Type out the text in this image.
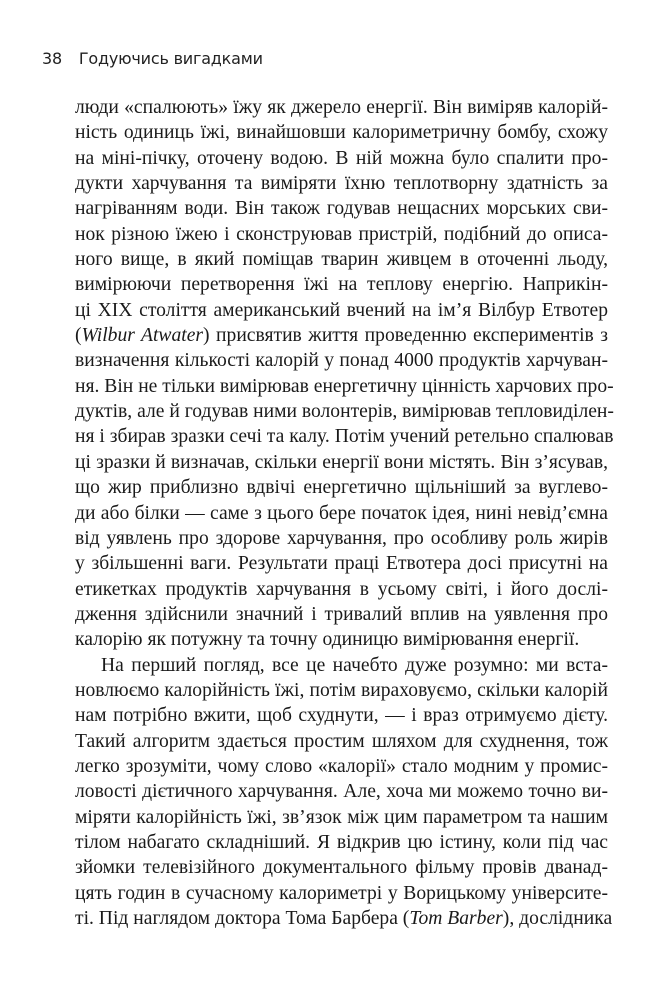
38 Годуючись вигадками
люди «спалюють» їжу як джерело енергії. Він виміряв калорій-
ність одиниць їжі, винайшовши калориметричну бомбу, схожу
на міні-пічку, оточену водою. В ній можна було спалити про-
дукти харчування та виміряти їхню теплотворну здатність за
нагріванням води. Він також годував нещасних морських сви-
нок різною їжею і сконструював пристрій, подібний до описа-
ного вище, в який поміщав тварин живцем в оточенні льоду,
вимірюючи перетворення їжі на теплову енергію. Наприкін-
ці XIX століття американський вчений на ім’я Вілбур Етвотер
(Wilbur Atwater) присвятив життя проведенню експериментів з
визначення кількості калорій у понад 4000 продуктів харчуван-
ня. Він не тільки вимірював енергетичну цінність харчових про-
дуктів, але й годував ними волонтерів, вимірював тепловиділен-
ня і збирав зразки сечі та калу. Потім учений ретельно спалював
ці зразки й визначав, скільки енергії вони містять. Він з’ясував,
що жир приблизно вдвічі енергетично щільніший за вуглево-
ди або білки — саме з цього бере початок ідея, нині невід’ємна
від уявлень про здорове харчування, про особливу роль жирів
у збільшенні ваги. Результати праці Етвотера досі присутні на
етикетках продуктів харчування в усьому світі, і його дослі-
дження здійснили значний і тривалий вплив на уявлення про
калорію як потужну та точну одиницю вимірювання енергії.
На перший погляд, все це начебто дуже розумно: ми вста-
новлюємо калорійність їжі, потім вираховуємо, скільки калорій
нам потрібно вжити, щоб схуднути, — і враз отримуємо дієту.
Такий алгоритм здається простим шляхом для схуднення, тож
легко зрозуміти, чому слово «калорії» стало модним у промис-
ловості дієтичного харчування. Але, хоча ми можемо точно ви-
міряти калорійність їжі, зв’язок між цим параметром та нашим
тілом набагато складніший. Я відкрив цю істину, коли під час
зйомки телевізійного документального фільму провів дванад-
цять годин в сучасному калориметрі у Ворицькому університе-
ті. Під наглядом доктора Тома Барбера (Tom Barber), дослідника
